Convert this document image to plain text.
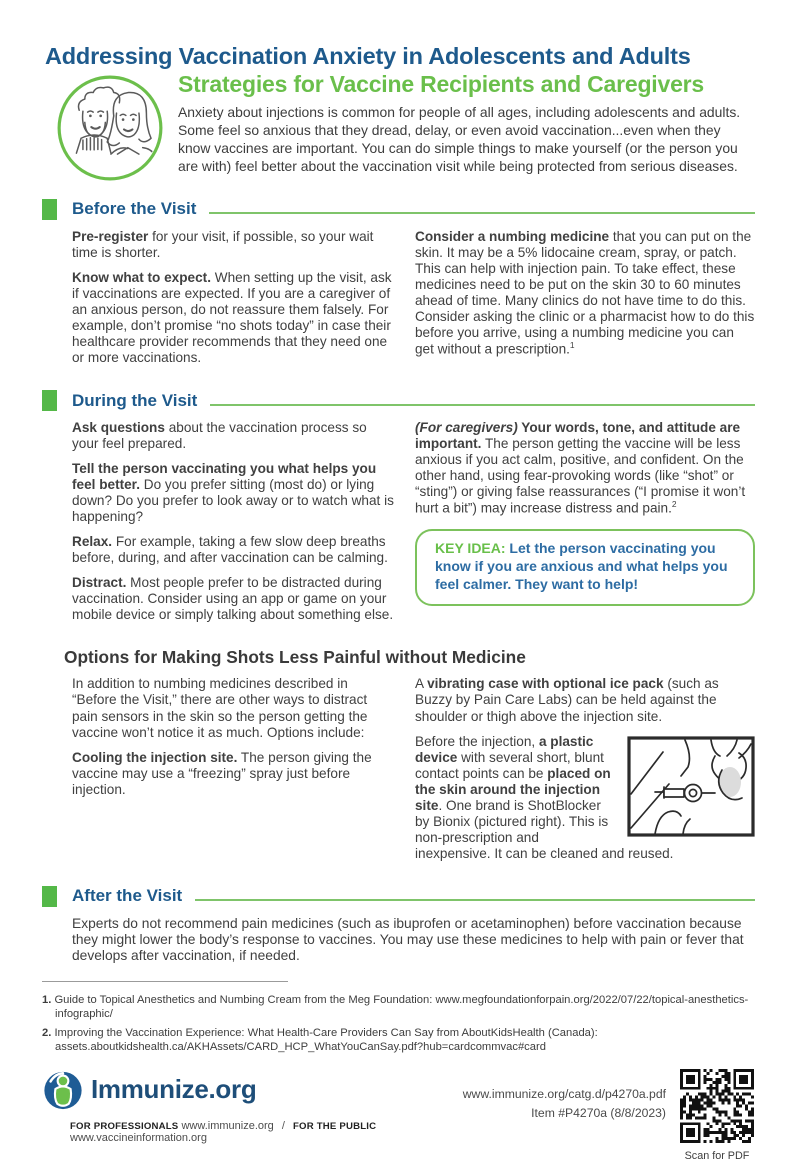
Addressing Vaccination Anxiety in Adolescents and Adults
Strategies for Vaccine Recipients and Caregivers

Anxiety about injections is common for people of all ages, including adolescents and adults. Some feel so anxious that they dread, delay, or even avoid vaccination...even when they know vaccines are important. You can do simple things to make yourself (or the person you are with) feel better about the vaccination visit while being protected from serious diseases.

Before the Visit

Pre-register for your visit, if possible, so your wait time is shorter.

Know what to expect. When setting up the visit, ask if vaccinations are expected. If you are a caregiver of an anxious person, do not reassure them falsely. For example, don’t promise “no shots today” in case their healthcare provider recommends that they need one or more vaccinations.

Consider a numbing medicine that you can put on the skin. It may be a 5% lidocaine cream, spray, or patch. This can help with injection pain. To take effect, these medicines need to be put on the skin 30 to 60 minutes ahead of time. Many clinics do not have time to do this. Consider asking the clinic or a pharmacist how to do this before you arrive, using a numbing medicine you can get without a prescription.$^1$

During the Visit

Ask questions about the vaccination process so your feel prepared.

Tell the person vaccinating you what helps you feel better. Do you prefer sitting (most do) or lying down? Do you prefer to look away or to watch what is happening?

Relax. For example, taking a few slow deep breaths before, during, and after vaccination can be calming.

Distract. Most people prefer to be distracted during vaccination. Consider using an app or game on your mobile device or simply talking about something else.

(For caregivers) Your words, tone, and attitude are important. The person getting the vaccine will be less anxious if you act calm, positive, and confident. On the other hand, using fear-provoking words (like “shot” or “sting”) or giving false reassurances (“I promise it won’t hurt a bit”) may increase distress and pain.$^2$

KEY IDEA: Let the person vaccinating you know if you are anxious and what helps you feel calmer. They want to help!
Options for Making Shots Less Painful without Medicine

In addition to numbing medicines described in “Before the Visit,” there are other ways to distract pain sensors in the skin so the person getting the vaccine won’t notice it as much. Options include:

Cooling the injection site. The person giving the vaccine may use a “freezing” spray just before injection.

A vibrating case with optional ice pack (such as Buzzy by Pain Care Labs) can be held against the shoulder or thigh above the injection site.

Before the injection, a plastic device with several short, blunt contact points can be placed on the skin around the injection site. One brand is ShotBlocker by Bionix (pictured right). This is non-prescription and inexpensive. It can be cleaned and reused.

After the Visit

Experts do not recommend pain medicines (such as ibuprofen or acetaminophen) before vaccination because they might lower the body’s response to vaccines. You may use these medicines to help with pain or fever that develops after vaccination, if needed.

1. Guide to Topical Anesthetics and Numbing Cream from the Meg Foundation: www.megfoundationforpain.org/2022/07/22/topical-anesthetics-infographic/
2. Improving the Vaccination Experience: What Health-Care Providers Can Say from AboutKidsHealth (Canada): assets.aboutkidshealth.ca/AKHAssets/CARD_HCP_WhatYouCanSay.pdf?hub=cardcommvac#card
Immunize.org
FOR PROFESSIONALS www.immunize.org / FOR THE PUBLIC www.vaccineinformation.org
www.immunize.org/catg.d/p4270a.pdf
Item #P4270a (8/8/2023)
Scan for PDF
